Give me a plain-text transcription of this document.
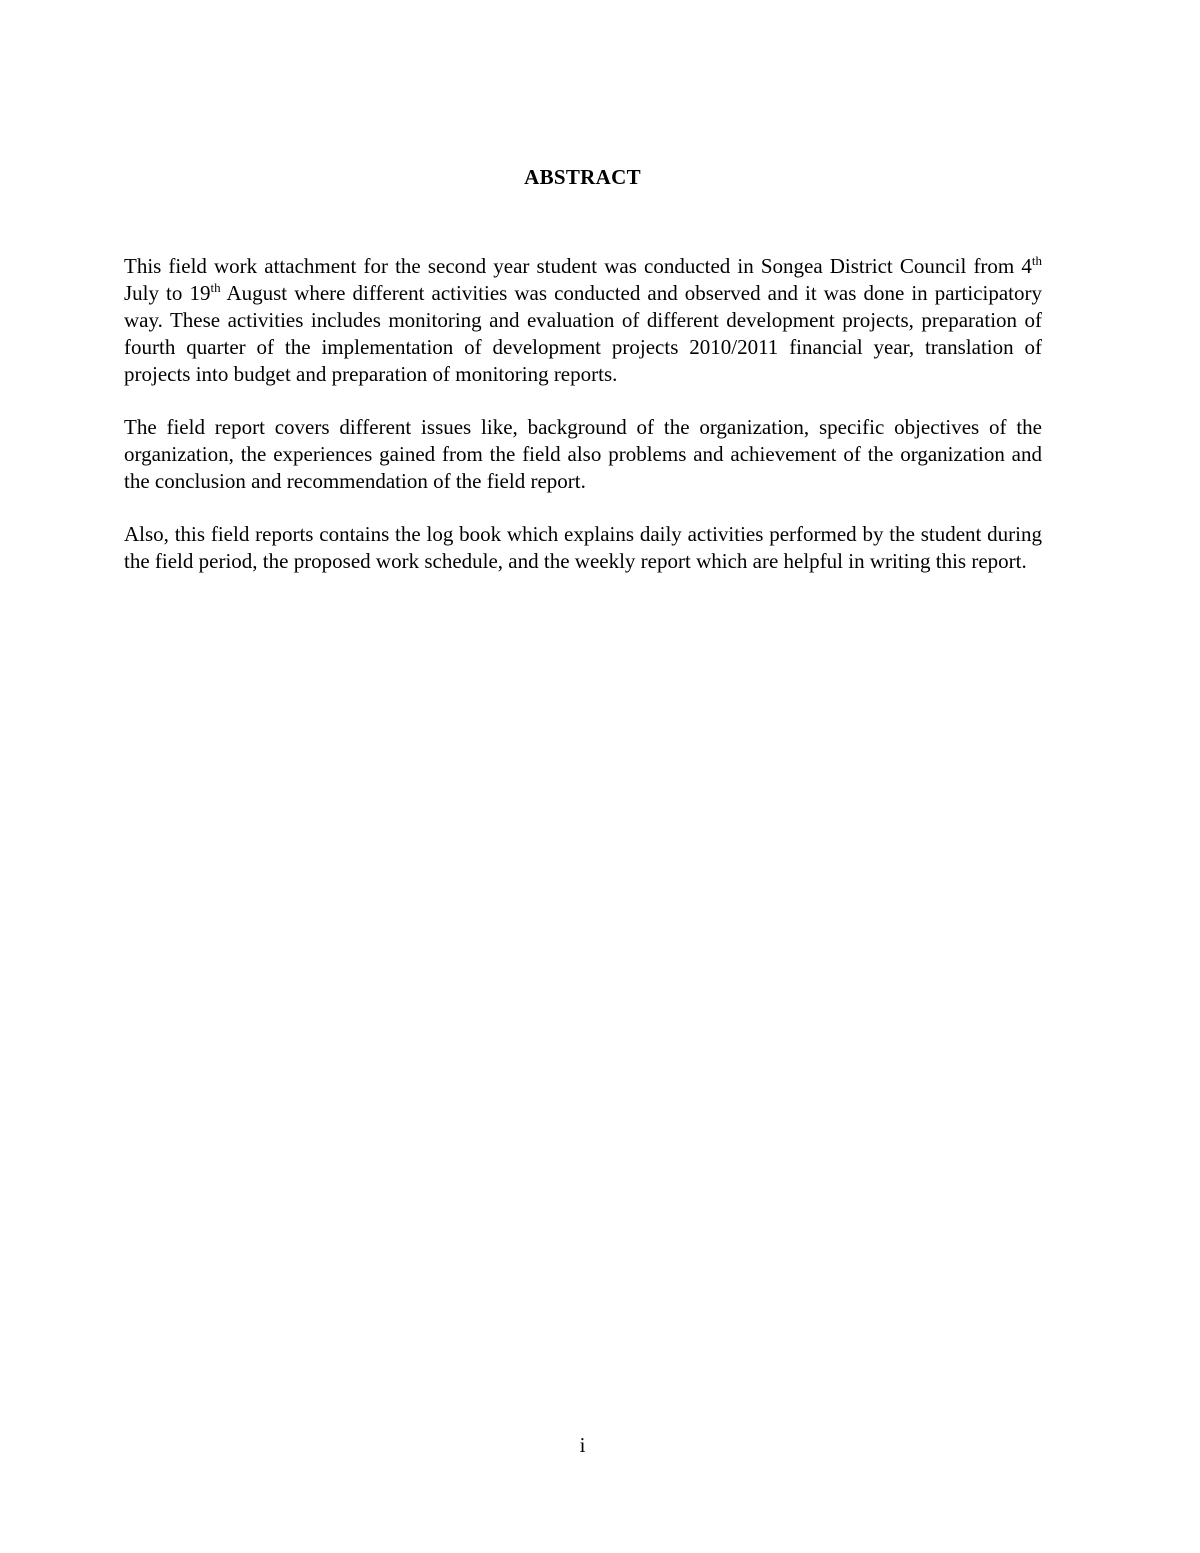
ABSTRACT

This field work attachment for the second year student was conducted in Songea District Council from 4th July to 19th August where different activities was conducted and observed and it was done in participatory way. These activities includes monitoring and evaluation of different development projects, preparation of fourth quarter of the implementation of development projects 2010/2011 financial year, translation of projects into budget and preparation of monitoring reports.

The field report covers different issues like, background of the organization, specific objectives of the organization, the experiences gained from the field also problems and achievement of the organization and the conclusion and recommendation of the field report.

Also, this field reports contains the log book which explains daily activities performed by the student during the field period, the proposed work schedule, and the weekly report which are helpful in writing this report.

i
